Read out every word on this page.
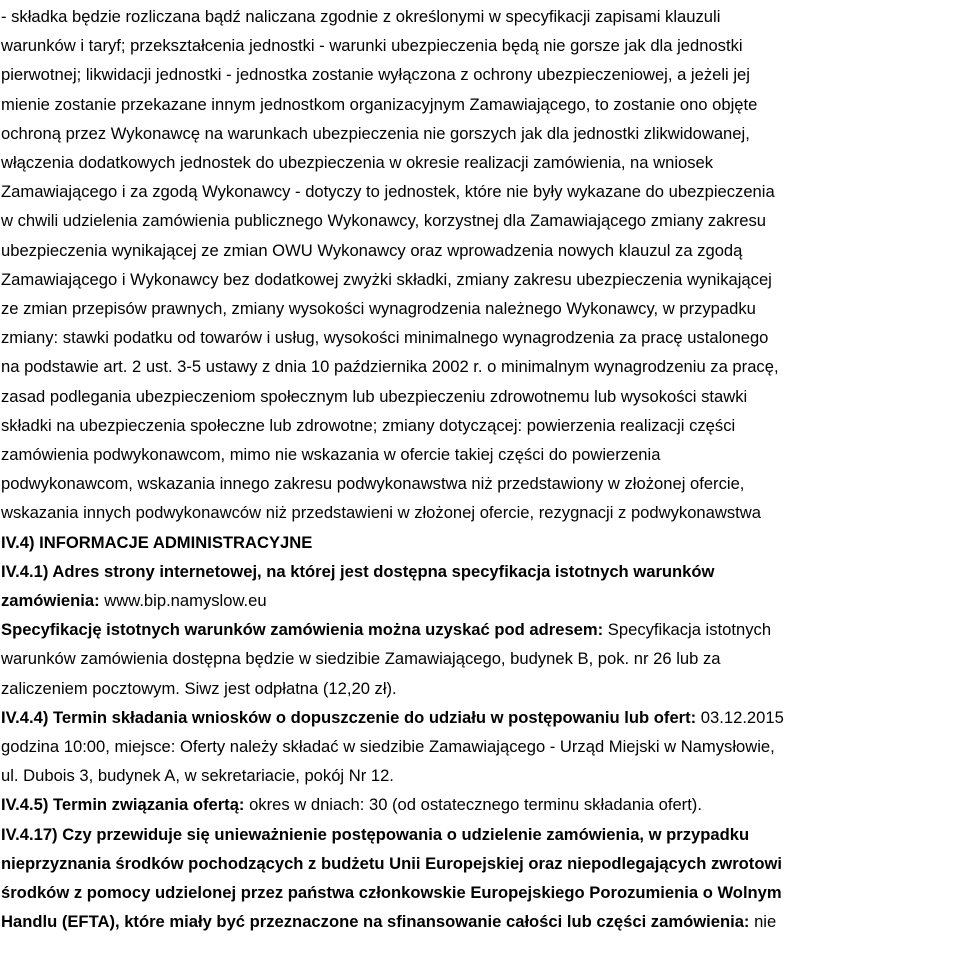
- składka będzie rozliczana bądź naliczana zgodnie z określonymi w specyfikacji zapisami klauzuli
warunków i taryf; przekształcenia jednostki - warunki ubezpieczenia będą nie gorsze jak dla jednostki
pierwotnej; likwidacji jednostki - jednostka zostanie wyłączona z ochrony ubezpieczeniowej, a jeżeli jej
mienie zostanie przekazane innym jednostkom organizacyjnym Zamawiającego, to zostanie ono objęte
ochroną przez Wykonawcę na warunkach ubezpieczenia nie gorszych jak dla jednostki zlikwidowanej,
włączenia dodatkowych jednostek do ubezpieczenia w okresie realizacji zamówienia, na wniosek
Zamawiającego i za zgodą Wykonawcy - dotyczy to jednostek, które nie były wykazane do ubezpieczenia
w chwili udzielenia zamówienia publicznego Wykonawcy, korzystnej dla Zamawiającego zmiany zakresu
ubezpieczenia wynikającej ze zmian OWU Wykonawcy oraz wprowadzenia nowych klauzul za zgodą
Zamawiającego i Wykonawcy bez dodatkowej zwyżki składki, zmiany zakresu ubezpieczenia wynikającej
ze zmian przepisów prawnych, zmiany wysokości wynagrodzenia należnego Wykonawcy, w przypadku
zmiany: stawki podatku od towarów i usług, wysokości minimalnego wynagrodzenia za pracę ustalonego
na podstawie art. 2 ust. 3-5 ustawy z dnia 10 października 2002 r. o minimalnym wynagrodzeniu za pracę,
zasad podlegania ubezpieczeniom społecznym lub ubezpieczeniu zdrowotnemu lub wysokości stawki
składki na ubezpieczenia społeczne lub zdrowotne; zmiany dotyczącej: powierzenia realizacji części
zamówienia podwykonawcom, mimo nie wskazania w ofercie takiej części do powierzenia
podwykonawcom, wskazania innego zakresu podwykonawstwa niż przedstawiony w złożonej ofercie,
wskazania innych podwykonawców niż przedstawieni w złożonej ofercie, rezygnacji z podwykonawstwa
IV.4) INFORMACJE ADMINISTRACYJNE
IV.4.1) Adres strony internetowej, na której jest dostępna specyfikacja istotnych warunków
zamówienia: www.bip.namyslow.eu
Specyfikację istotnych warunków zamówienia można uzyskać pod adresem: Specyfikacja istotnych
warunków zamówienia dostępna będzie w siedzibie Zamawiającego, budynek B, pok. nr 26 lub za
zaliczeniem pocztowym. Siwz jest odpłatna (12,20 zł).
IV.4.4) Termin składania wniosków o dopuszczenie do udziału w postępowaniu lub ofert: 03.12.2015
godzina 10:00, miejsce: Oferty należy składać w siedzibie Zamawiającego - Urząd Miejski w Namysłowie,
ul. Dubois 3, budynek A, w sekretariacie, pokój Nr 12.
IV.4.5) Termin związania ofertą: okres w dniach: 30 (od ostatecznego terminu składania ofert).
IV.4.17) Czy przewiduje się unieważnienie postępowania o udzielenie zamówienia, w przypadku
nieprzyznania środków pochodzących z budżetu Unii Europejskiej oraz niepodlegających zwrotowi
środków z pomocy udzielonej przez państwa członkowskie Europejskiego Porozumienia o Wolnym
Handlu (EFTA), które miały być przeznaczone na sfinansowanie całości lub części zamówienia: nie
